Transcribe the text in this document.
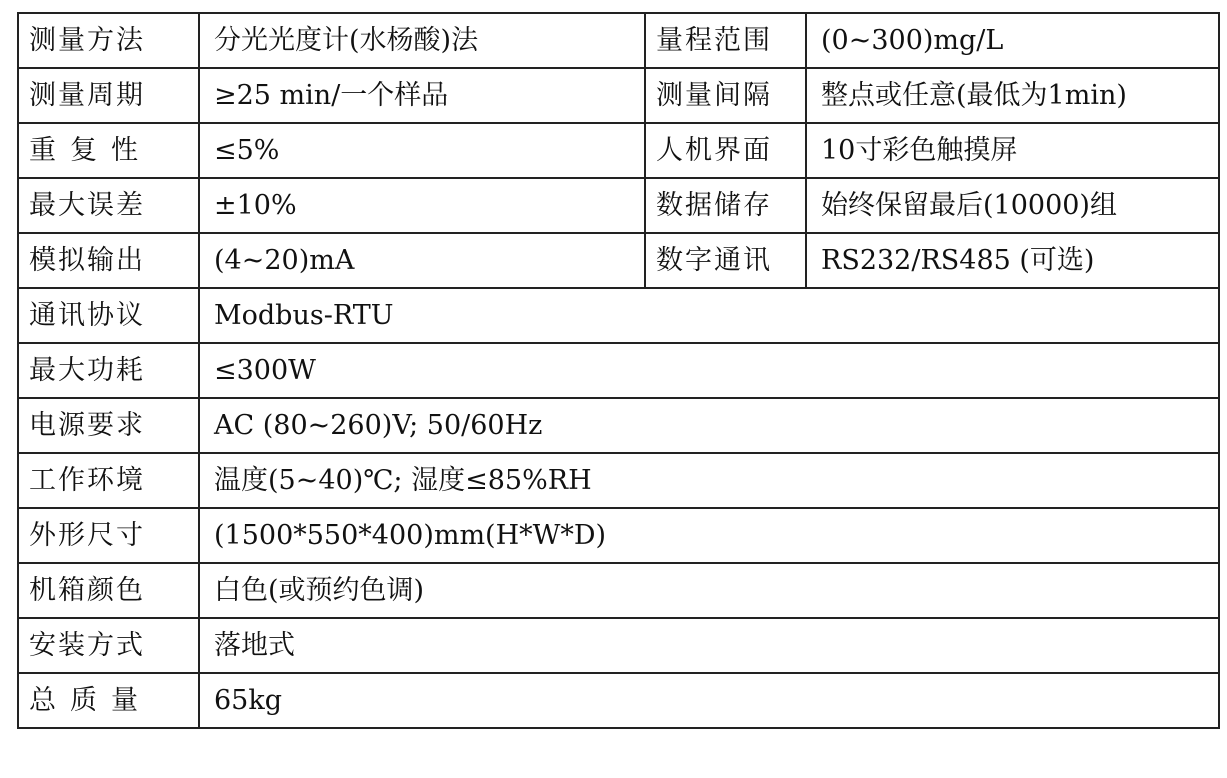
测量方法	分光光度计(水杨酸)法	量程范围	(0~300)mg/L
测量周期	≥25 min/一个样品	测量间隔	整点或任意(最低为1min)
重复性	≤5%	人机界面	10寸彩色触摸屏
最大误差	±10%	数据储存	始终保留最后(10000)组
模拟输出	(4~20)mA	数字通讯	RS232/RS485 (可选)
通讯协议	Modbus-RTU		
最大功耗	≤300W		
电源要求	AC (80~260)V; 50/60Hz		
工作环境	温度(5~40)℃; 湿度≤85%RH		
外形尺寸	(1500*550*400)mm(H*W*D)		
机箱颜色	白色(或预约色调)		
安装方式	落地式		
总质量	65kg		
